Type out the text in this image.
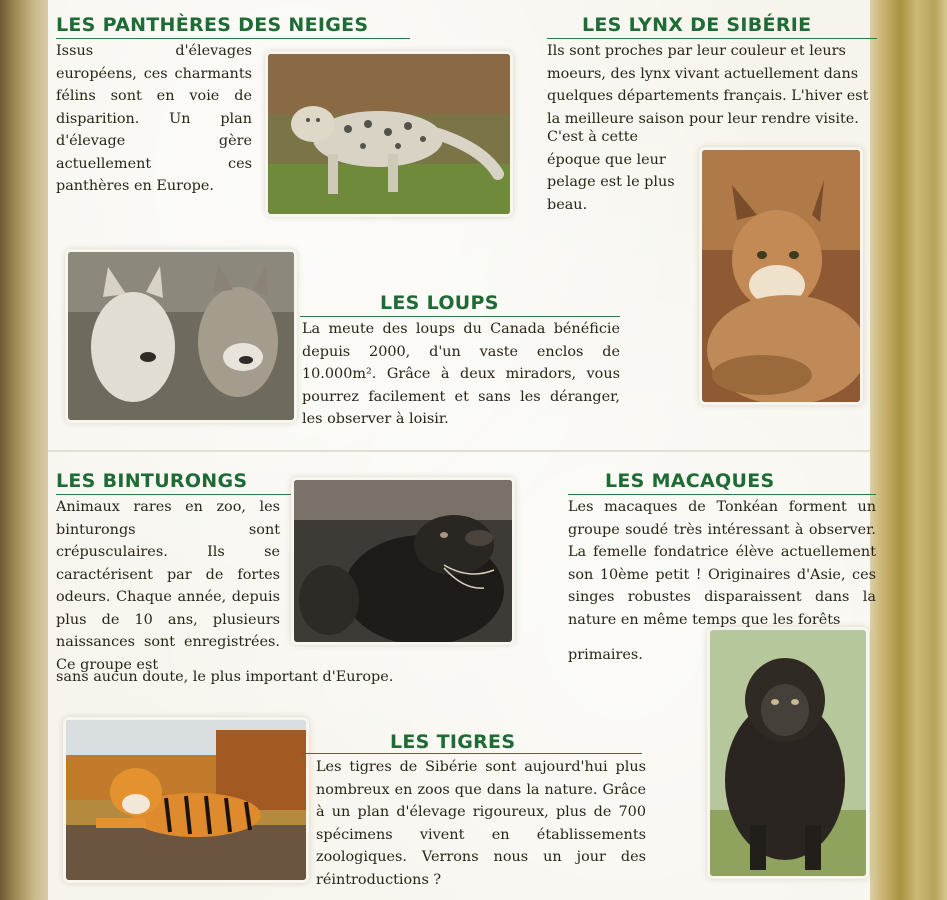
LES PANTHÈRES DES NEIGES

Issus d'élevages européens, ces charmants félins sont en voie de disparition. Un plan d'élevage gère actuellement ces panthères en Europe.

LES LYNX DE SIBÉRIE

Ils sont proches par leur couleur et leurs moeurs, des lynx vivant actuellement dans quelques départements français. L'hiver est la meilleure saison pour leur rendre visite.

C'est à cette époque que leur pelage est le plus beau.

LES LOUPS

La meute des loups du Canada bénéficie depuis 2000, d'un vaste enclos de 10.000m². Grâce à deux miradors, vous pourrez facilement et sans les déranger, les observer à loisir.

LES BINTURONGS

Animaux rares en zoo, les binturongs sont crépusculaires. Ils se caractérisent par de fortes odeurs. Chaque année, depuis plus de 10 ans, plusieurs naissances sont enregistrées. Ce groupe est

sans aucun doute, le plus important d'Europe.

LES MACAQUES

Les macaques de Tonkéan forment un groupe soudé très intéressant à observer. La femelle fondatrice élève actuellement son 10ème petit ! Originaires d'Asie, ces singes robustes disparaissent dans la nature en même temps que les forêts

primaires.

LES TIGRES

Les tigres de Sibérie sont aujourd'hui plus nombreux en zoos que dans la nature. Grâce à un plan d'élevage rigoureux, plus de 700 spécimens vivent en établissements zoologiques. Verrons nous un jour des réintroductions ?
